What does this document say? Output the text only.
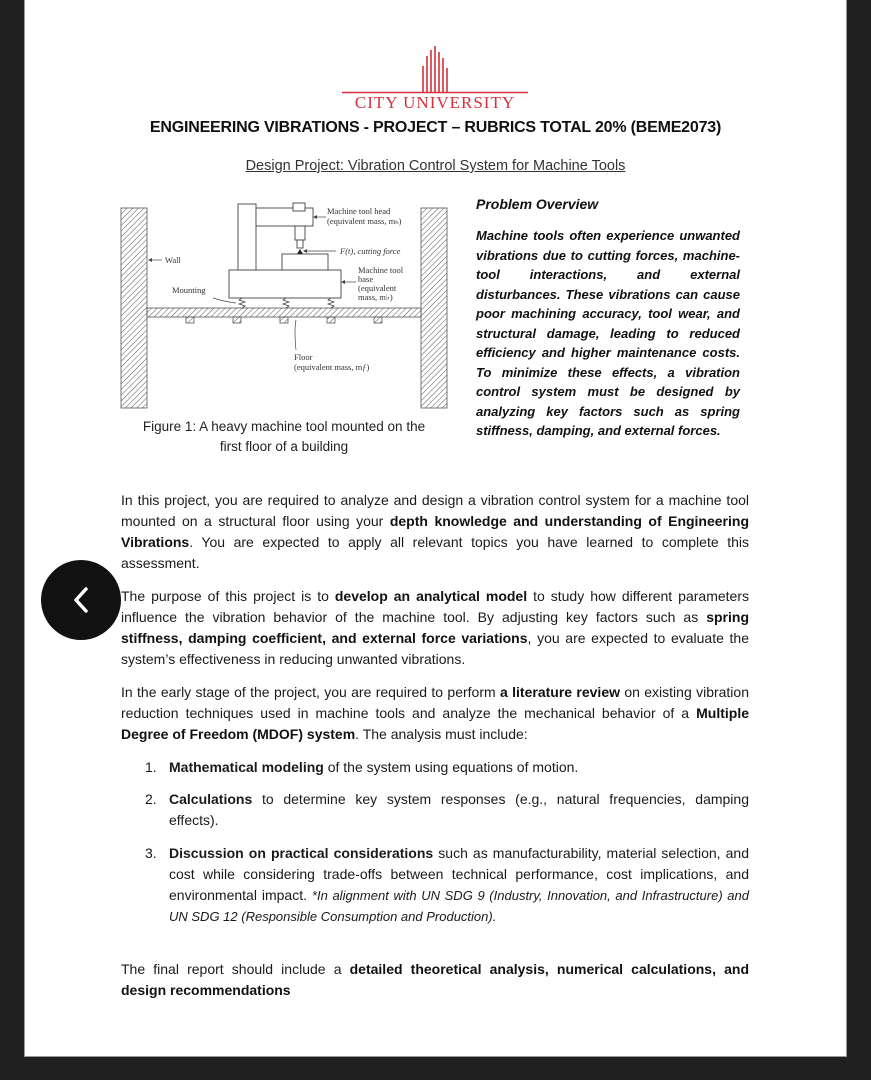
CITY UNIVERSITY
ENGINEERING VIBRATIONS - PROJECT – RUBRICS TOTAL 20% (BEME2073)
Design Project: Vibration Control System for Machine Tools
Machine tool head
(equivalent mass, mₕ)
F(t), cutting force
Wall
Machine tool
base
(equivalent
mass, m♭)
Mounting
Floor
(equivalent mass, mƒ)
Figure 1: A heavy machine tool mounted on the
first floor of a building
Problem Overview
Machine tools often experience unwanted vibrations due to cutting forces, machine-tool interactions, and external disturbances. These vibrations can cause poor machining accuracy, tool wear, and structural damage, leading to reduced efficiency and higher maintenance costs. To minimize these effects, a vibration control system must be designed by analyzing key factors such as spring stiffness, damping, and external forces.
In this project, you are required to analyze and design a vibration control system for a machine tool mounted on a structural floor using your depth knowledge and understanding of Engineering Vibrations. You are expected to apply all relevant topics you have learned to complete this assessment.
The purpose of this project is to develop an analytical model to study how different parameters influence the vibration behavior of the machine tool. By adjusting key factors such as spring stiffness, damping coefficient, and external force variations, you are expected to evaluate the system’s effectiveness in reducing unwanted vibrations.
In the early stage of the project, you are required to perform a literature review on existing vibration reduction techniques used in machine tools and analyze the mechanical behavior of a Multiple Degree of Freedom (MDOF) system. The analysis must include:
1. Mathematical modeling of the system using equations of motion.
2. Calculations to determine key system responses (e.g., natural frequencies, damping effects).
3. Discussion on practical considerations such as manufacturability, material selection, and cost while considering trade-offs between technical performance, cost implications, and environmental impact. *In alignment with UN SDG 9 (Industry, Innovation, and Infrastructure) and UN SDG 12 (Responsible Consumption and Production).
The final report should include a detailed theoretical analysis, numerical calculations, and design recommendations
